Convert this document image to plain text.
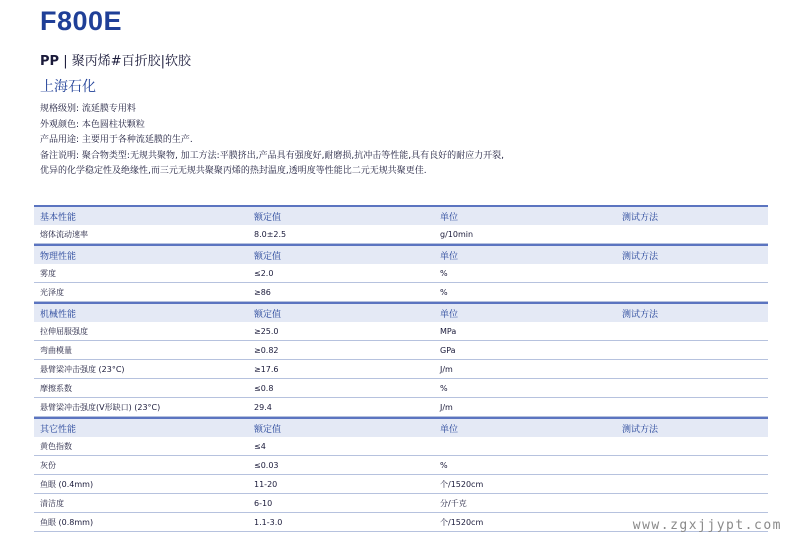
F800E
PP | 聚丙烯#百折胶|软胶
上海石化
规格级别 : 流延膜专用料
外观颜色 : 本色圆柱状颗粒
产品用途 : 主要用于各种流延膜的生产.
备注说明 : 聚合物类型:无规共聚物, 加工方法:平膜挤出,产品具有强度好,耐磨损,抗冲击等性能,具有良好的耐应力开裂,优异的化学稳定性及绝缘性,而三元无规共聚聚丙烯的热封温度,透明度等性能比二元无规共聚更佳.
基本性能	额定值	单位	测试方法
熔体流动速率	8.0±2.5	g/10min
物理性能	额定值	单位	测试方法
雾度	≤2.0	%
光泽度	≥86	%
机械性能	额定值	单位	测试方法
拉伸屈服强度	≥25.0	MPa
弯曲模量	≥0.82	GPa
悬臂梁冲击强度 (23°C)	≥17.6	J/m
摩擦系数	≤0.8	%
悬臂梁冲击强度(V形缺口) (23°C)	29.4	J/m
其它性能	额定值	单位	测试方法
黄色指数	≤4
灰份	≤0.03	%
鱼眼 (0.4mm)	11-20	个/1520cm
清洁度	6-10	分/千克
鱼眼 (0.8mm)	1.1-3.0	个/1520cm	www.zgxjjypt.com
